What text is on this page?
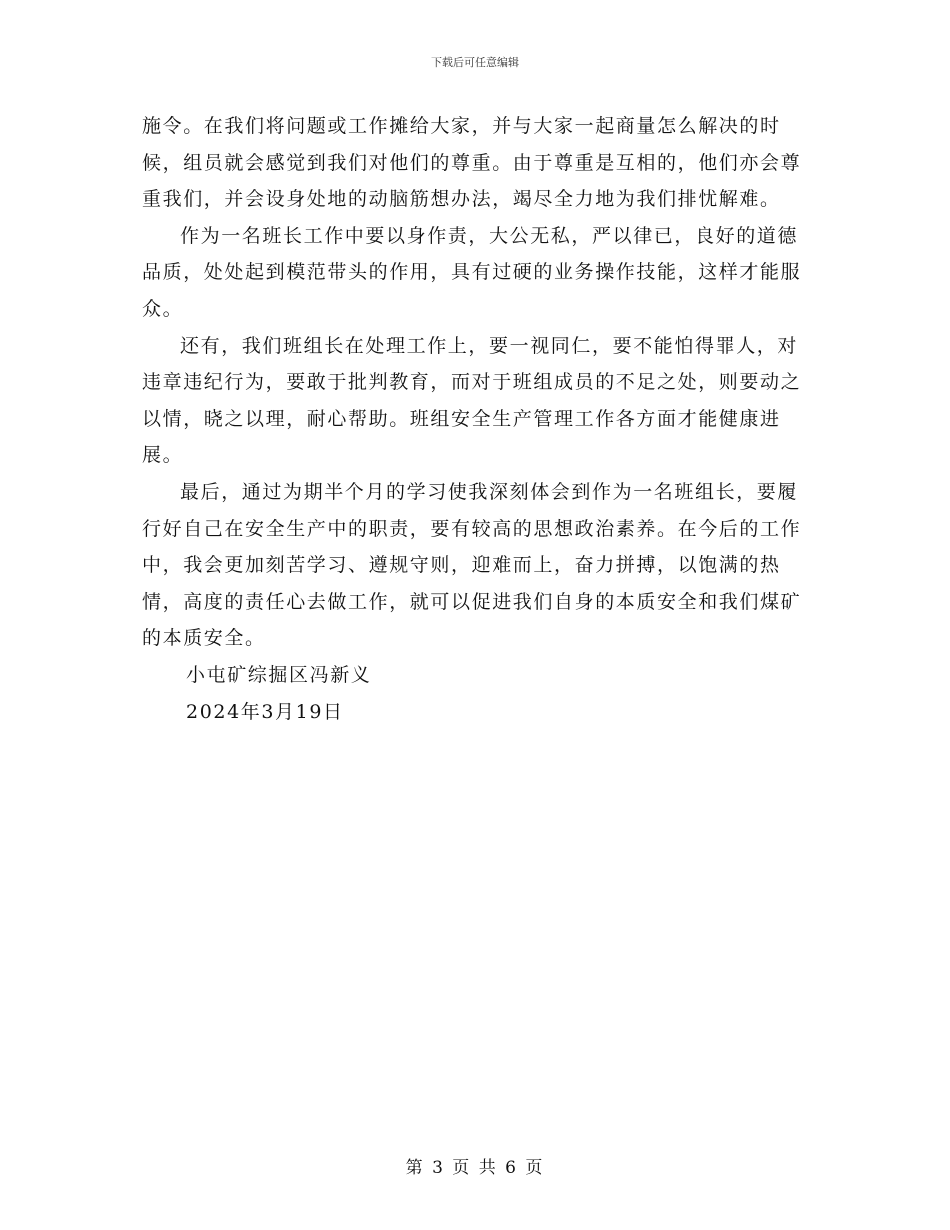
下载后可任意编辑

施令。在我们将问题或工作摊给大家，并与大家一起商量怎么解决的时候，组员就会感觉到我们对他们的尊重。由于尊重是互相的，他们亦会尊重我们，并会设身处地的动脑筋想办法，竭尽全力地为我们排忧解难。

作为一名班长工作中要以身作责，大公无私，严以律已，良好的道德品质，处处起到模范带头的作用，具有过硬的业务操作技能，这样才能服众。

还有，我们班组长在处理工作上，要一视同仁，要不能怕得罪人，对违章违纪行为，要敢于批判教育，而对于班组成员的不足之处，则要动之以情，晓之以理，耐心帮助。班组安全生产管理工作各方面才能健康进展。

最后，通过为期半个月的学习使我深刻体会到作为一名班组长，要履行好自己在安全生产中的职责，要有较高的思想政治素养。在今后的工作中，我会更加刻苦学习、遵规守则，迎难而上，奋力拼搏，以饱满的热情，高度的责任心去做工作，就可以促进我们自身的本质安全和我们煤矿的本质安全。

小屯矿综掘区冯新义

2024年3月19日

第 3 页 共 6 页
